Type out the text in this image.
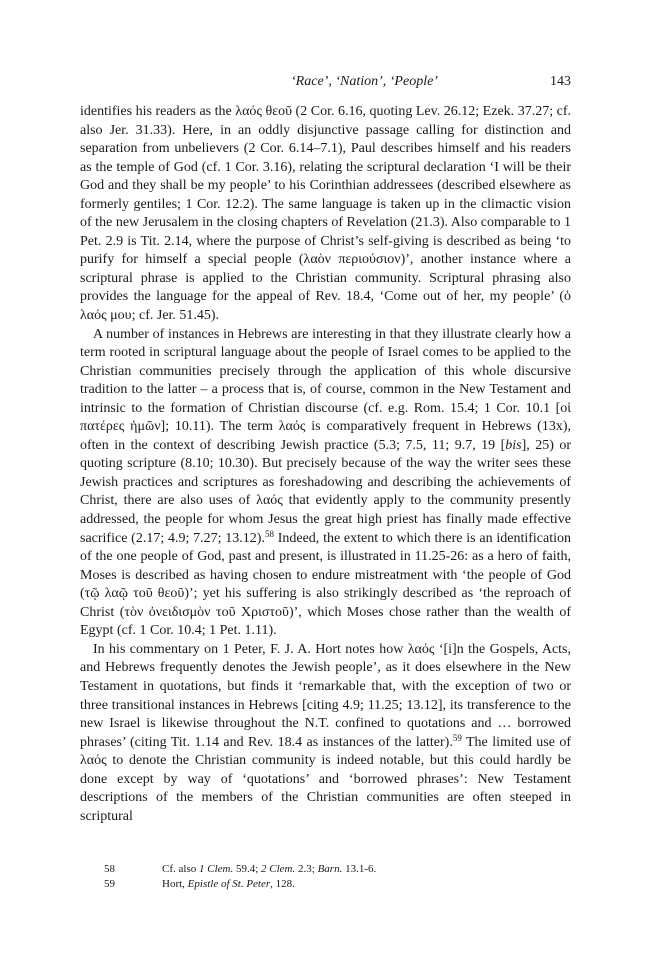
‘Race’, ‘Nation’, ‘People’	143

identifies his readers as the λαός θεοῦ (2 Cor. 6.16, quoting Lev. 26.12; Ezek. 37.27; cf. also Jer. 31.33). Here, in an oddly disjunctive passage calling for distinction and separation from unbelievers (2 Cor. 6.14–7.1), Paul describes himself and his readers as the temple of God (cf. 1 Cor. 3.16), relating the scriptural declaration ‘I will be their God and they shall be my people’ to his Corinthian addressees (described elsewhere as formerly gentiles; 1 Cor. 12.2). The same language is taken up in the climactic vision of the new Jerusalem in the closing chapters of Revelation (21.3). Also comparable to 1 Pet. 2.9 is Tit. 2.14, where the purpose of Christ’s self-giving is described as being ‘to purify for himself a special people (λαὸν περιούσιον)’, another instance where a scriptural phrase is applied to the Christian community. Scriptural phrasing also provides the language for the appeal of Rev. 18.4, ‘Come out of her, my people’ (ὁ λαός μου; cf. Jer. 51.45).

A number of instances in Hebrews are interesting in that they illustrate clearly how a term rooted in scriptural language about the people of Israel comes to be applied to the Christian communities precisely through the application of this whole discursive tradition to the latter – a process that is, of course, common in the New Testament and intrinsic to the formation of Christian discourse (cf. e.g. Rom. 15.4; 1 Cor. 10.1 [οἱ πατέρες ἡμῶν]; 10.11). The term λαός is comparatively frequent in Hebrews (13x), often in the context of describing Jewish practice (5.3; 7.5, 11; 9.7, 19 [bis], 25) or quoting scripture (8.10; 10.30). But precisely because of the way the writer sees these Jewish practices and scriptures as foreshadowing and describing the achievements of Christ, there are also uses of λαός that evidently apply to the community presently addressed, the people for whom Jesus the great high priest has finally made effective sacrifice (2.17; 4.9; 7.27; 13.12).$^{58}$ Indeed, the extent to which there is an identification of the one people of God, past and present, is illustrated in 11.25-26: as a hero of faith, Moses is described as having chosen to endure mistreatment with ‘the people of God (τῷ λαῷ τοῦ θεοῦ)’; yet his suffering is also strikingly described as ‘the reproach of Christ (τὸν ὀνειδισμὸν τοῦ Χριστοῦ)’, which Moses chose rather than the wealth of Egypt (cf. 1 Cor. 10.4; 1 Pet. 1.11).

In his commentary on 1 Peter, F. J. A. Hort notes how λαός ‘[i]n the Gospels, Acts, and Hebrews frequently denotes the Jewish people’, as it does elsewhere in the New Testament in quotations, but finds it ‘remarkable that, with the exception of two or three transitional instances in Hebrews [citing 4.9; 11.25; 13.12], its transference to the new Israel is likewise throughout the N.T. confined to quotations and … borrowed phrases’ (citing Tit. 1.14 and Rev. 18.4 as instances of the latter).$^{59}$ The limited use of λαός to denote the Christian community is indeed notable, but this could hardly be done except by way of ‘quotations’ and ‘borrowed phrases’: New Testament descriptions of the members of the Christian communities are often steeped in scriptural

58	Cf. also 1 Clem. 59.4; 2 Clem. 2.3; Barn. 13.1-6.
59	Hort, Epistle of St. Peter, 128.
